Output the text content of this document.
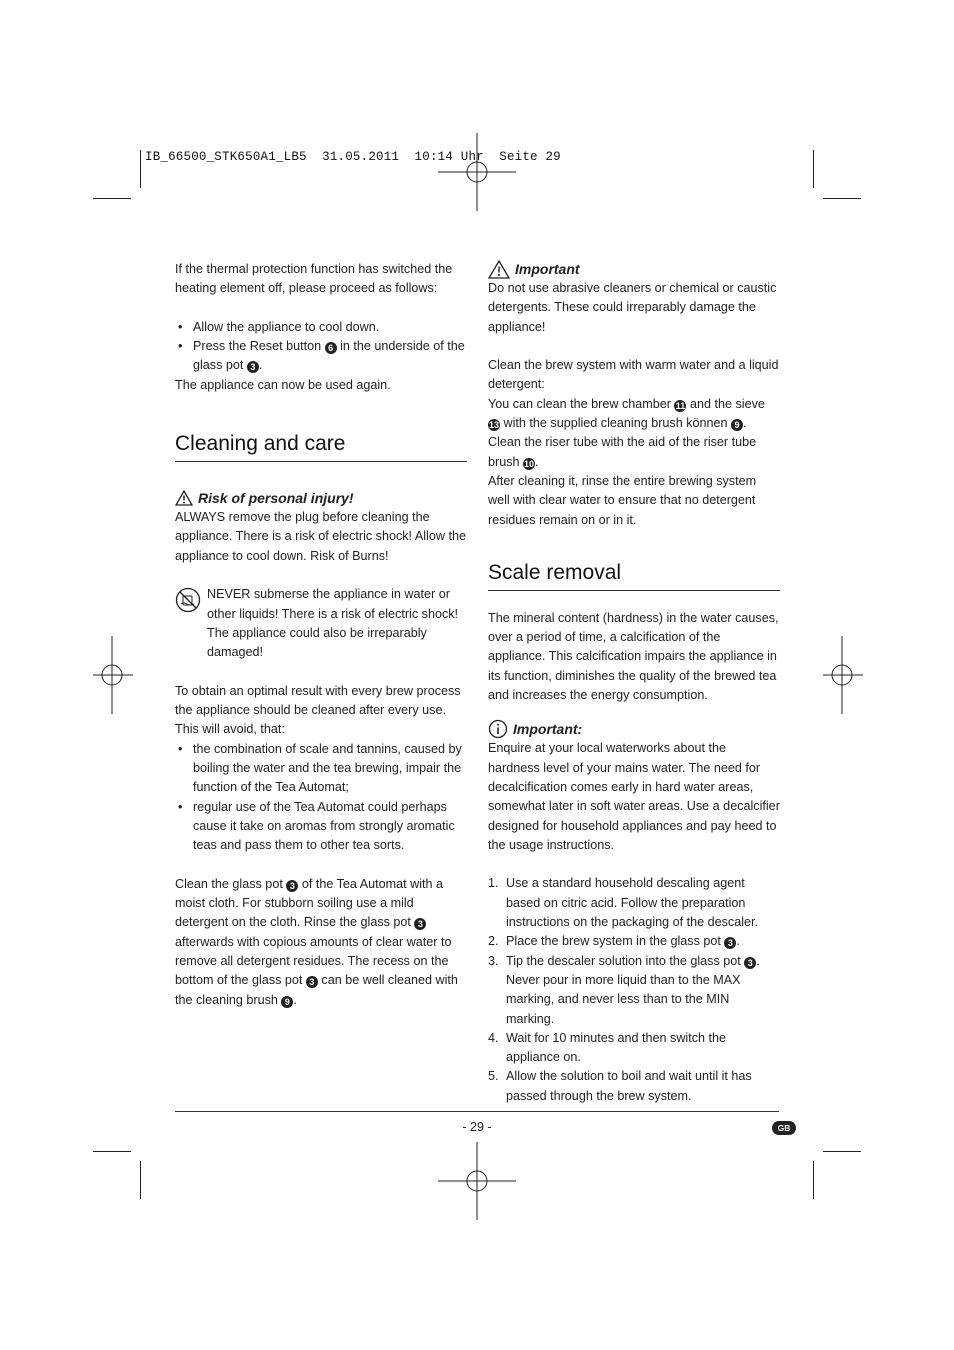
IB_66500_STK650A1_LB5  31.05.2011  10:14 Uhr  Seite 29

If the thermal protection function has switched the heating element off, please proceed as follows:

• Allow the appliance to cool down.
• Press the Reset button 6 in the underside of the glass pot 3 .

The appliance can now be used again.

Cleaning and care
Risk of personal injury!

ALWAYS remove the plug before cleaning the appliance. There is a risk of electric shock! Allow the appliance to cool down. Risk of Burns!

NEVER submerse the appliance in water or other liquids! There is a risk of electric shock! The appliance could also be irreparably damaged!

To obtain an optimal result with every brew process the appliance should be cleaned after every use. This will avoid, that:

• the combination of scale and tannins, caused by boiling the water and the tea brewing, impair the function of the Tea Automat;
• regular use of the Tea Automat could perhaps cause it take on aromas from strongly aromatic teas and pass them to other tea sorts.

Clean the glass pot 3 of the Tea Automat with a moist cloth. For stubborn soiling use a mild detergent on the cloth. Rinse the glass pot 3 afterwards with copious amounts of clear water to remove all detergent residues. The recess on the bottom of the glass pot 3 can be well cleaned with the cleaning brush 9 .

Important

Do not use abrasive cleaners or chemical or caustic detergents. These could irreparably damage the appliance!

Clean the brew system with warm water and a liquid detergent:

You can clean the brew chamber 11 and the sieve 13 with the supplied cleaning brush können 9 . Clean the riser tube with the aid of the riser tube brush 10.

After cleaning it, rinse the entire brewing system well with clear water to ensure that no detergent residues remain on or in it.

Scale removal

The mineral content (hardness) in the water causes, over a period of time, a calcification of the appliance. This calcification impairs the appliance in its function, diminishes the quality of the brewed tea and increases the energy consumption.

Important:

Enquire at your local waterworks about the hardness level of your mains water. The need for decalcification comes early in hard water areas, somewhat later in soft water areas. Use a decalcifier designed for household appliances and pay heed to the usage instructions.

1. Use a standard household descaling agent based on citric acid. Follow the preparation instructions on the packaging of the descaler.
2. Place the brew system in the glass pot 3 .
3. Tip the descaler solution into the glass pot 3 . Never pour in more liquid than to the MAX marking, and never less than to the MIN marking.
4. Wait for 10 minutes and then switch the appliance on.
5. Allow the solution to boil and wait until it has passed through the brew system.
- 29 -	GB
